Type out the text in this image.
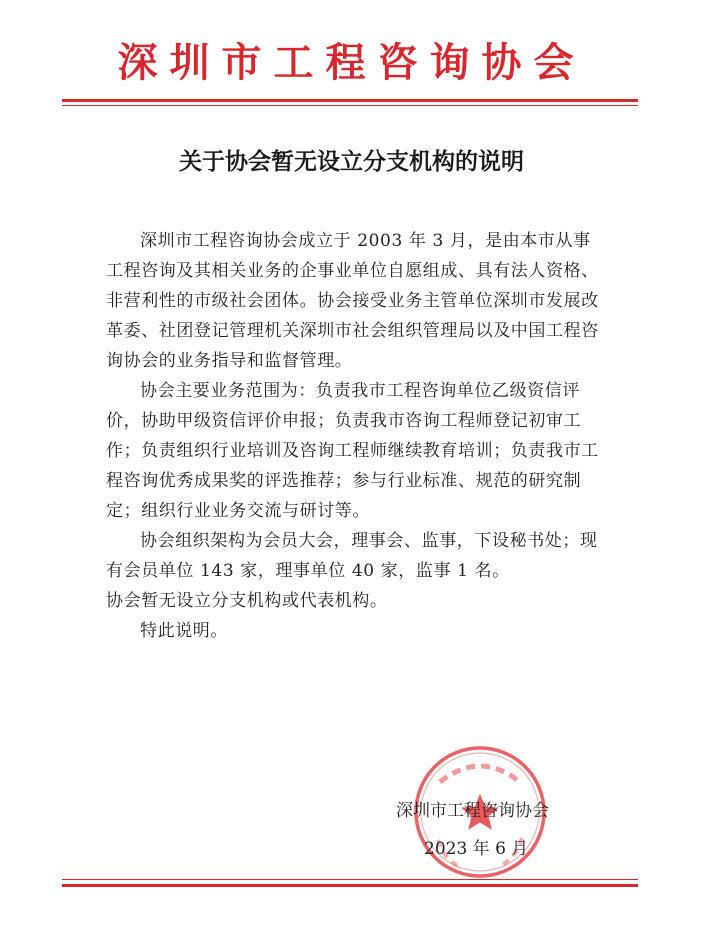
深圳市工程咨询协会
关于协会暂无设立分支机构的说明

深圳市工程咨询协会成立于 2003 年 3 月，是由本市从事工程咨询及其相关业务的企事业单位自愿组成、具有法人资格、非营利性的市级社会团体。协会接受业务主管单位深圳市发展改革委、社团登记管理机关深圳市社会组织管理局以及中国工程咨询协会的业务指导和监督管理。

协会主要业务范围为：负责我市工程咨询单位乙级资信评价，协助甲级资信评价申报；负责我市咨询工程师登记初审工作；负责组织行业培训及咨询工程师继续教育培训；负责我市工程咨询优秀成果奖的评选推荐；参与行业标准、规范的研究制定；组织行业业务交流与研讨等。

协会组织架构为会员大会，理事会、监事，下设秘书处；现有会员单位 143 家，理事单位 40 家，监事 1 名。

协会暂无设立分支机构或代表机构。

特此说明。

深圳市工程咨询协会
2023 年 6 月
